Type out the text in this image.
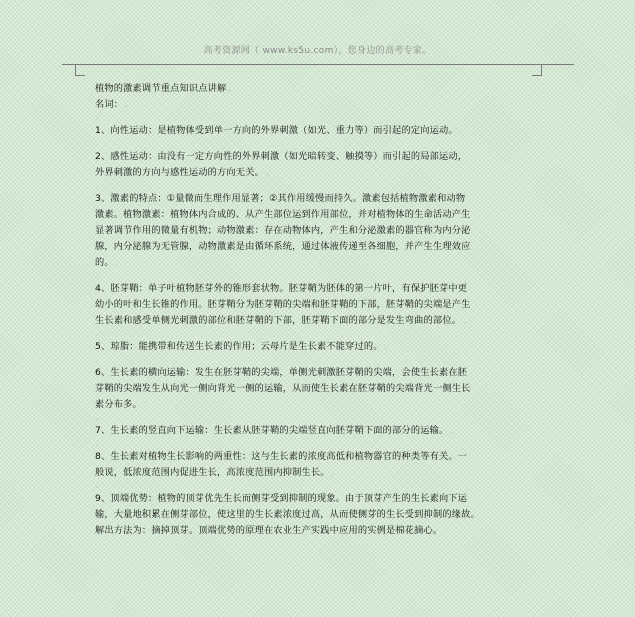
高考资源网（ www.ks5u.com），您身边的高考专家。

植物的激素调节重点知识点讲解 .

名词： .

.

1、向性运动：是植物体受到单一方向的外界刺激（如光、重力等）而引起的定向运动。 .

.

2、感性运动：由没有一定方向性的外界刺激（如光暗转变、触摸等）而引起的局部运动，

外界刺激的方向与感性运动的方向无关。 .

.

3、激素的特点：①量微而生理作用显著；②其作用缓慢而持久。激素包括植物激素和动物

激素。植物激素：植物体内合成的、从产生部位运到作用部位，并对植物体的生命活动产生

显著调节作用的微量有机物；动物激素：存在动物体内，产生和分泌激素的器官称为内分泌

腺，内分泌腺为无管腺，动物激素是由循环系统，通过体液传递至各细胞，并产生生理效应

的。 .

.

4、胚芽鞘：单子叶植物胚芽外的锥形套状物。胚芽鞘为胚体的第一片叶，有保护胚芽中更

幼小的叶和生长锥的作用。胚芽鞘分为胚芽鞘的尖端和胚芽鞘的下部，胚芽鞘的尖端是产生

生长素和感受单侧光刺激的部位和胚芽鞘的下部，胚芽鞘下面的部分是发生弯曲的部位。 .

.

5、琼脂：能携带和传送生长素的作用；云母片是生长素不能穿过的。 .

.

6、生长素的横向运输：发生在胚芽鞘的尖端，单侧光刺激胚芽鞘的尖端，会使生长素在胚

芽鞘的尖端发生从向光一侧向背光一侧的运输，从而使生长素在胚芽鞘的尖端背光一侧生长

素分布多。 .

.

7、生长素的竖直向下运输：生长素从胚芽鞘的尖端竖直向胚芽鞘下面的部分的运输。 .

.

8、生长素对植物生长影响的两重性：这与生长素的浓度高低和植物器官的种类等有关。一

般说，低浓度范围内促进生长，高浓度范围内抑制生长。 .

.

9、顶端优势：植物的顶芽优先生长而侧芽受到抑制的现象。由于顶芽产生的生长素向下运

输，大量地积累在侧芽部位，使这里的生长素浓度过高，从而使侧芽的生长受到抑制的缘故。

解出方法为：摘掉顶芽。顶端优势的原理在农业生产实践中应用的实例是棉花摘心。 .
